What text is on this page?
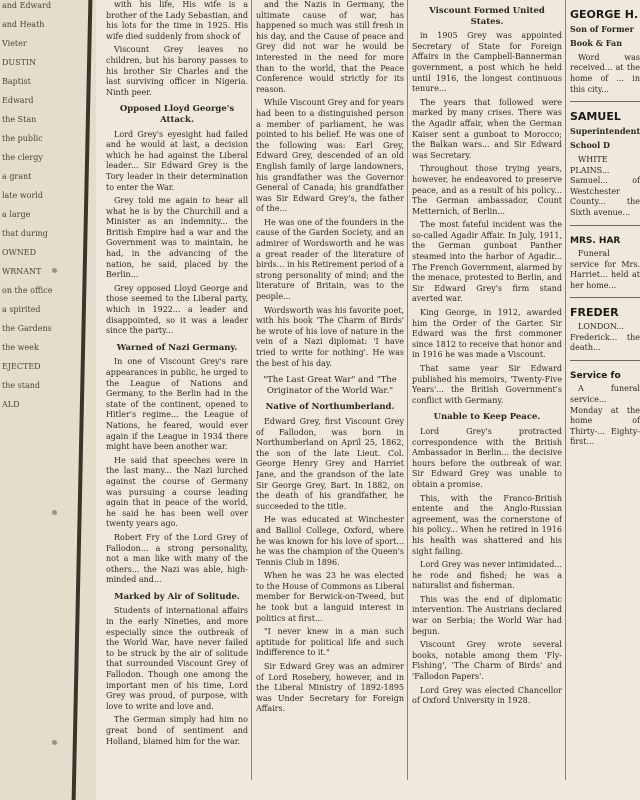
and Edward

and Heath

Vieter

DUSTIN

Baptist

Edward

the Stan

the public

the clergy

a grant

late world

a large

that during

OWNED

WRNANT

on the office

a spirited

the Gardens

the week

EJECTED

the stand

ALD

with his life, His wife is a brother of the Lady Sebastian, and his lots for the time in 1925. His wife died suddenly from shock of

Viscount Grey leaves no children, but his barony passes to his brother Sir Charles and the last surviving officer in Nigeria. Ninth peer.

Opposed Lloyd George's Attack.

Lord Grey's eyesight had failed and he would at last, a decision which he had against the Liberal leader... Sir Edward Grey is the Tory leader in their determination to enter the War.

Grey told me again to hear all what he is by the Churchill and a Minister as an indemnity... the British Empire had a war and the Government was to maintain, he had, in the advancing of the nation, he said, placed by the Berlin...

Grey opposed Lloyd George and those seemed to the Liberal party, which in 1922... a leader and disappointed, so it was a leader since the party...

Warned of Nazi Germany.

In one of Viscount Grey's rare appearances in public, he urged to the League of Nations and Germany, to the Berlin had in the state of the continent, opened to Hitler's regime... the League of Nations, he feared, would ever again if the League in 1934 there might have been another war.

He said that speeches were in the last many... the Nazi lurched against the course of Germany was pursuing a course leading again that in peace of the world, he said he has been well over twenty years ago.

Robert Fry of the Lord Grey of Fallodon... a strong personality, not a man like with many of the others... the Nazi was able, high-minded and...

Marked by Air of Solitude.

Students of international affairs in the early Nineties, and more especially since the outbreak of the World War, have never failed to be struck by the air of solitude that surrounded Viscount Grey of Fallodon. Though one among the important men of his time, Lord Grey was proud, of purpose, with love to write and love and.

The German simply had him no great bond of sentiment and Holland, blamed him for the war.

and the Nazis in Germany, the ultimate cause of war, has happened so much was still fresh in his day, and the Cause of peace and Grey did not war he would be interested in the need for more than to the world, that the Peace Conference would strictly for its reason.

While Viscount Grey and for years had been to a distinguished person a member of parliament, he was pointed to his belief. He was one of the following was: Earl Grey, Edward Grey, descended of an old English family of large landowners, his grandfather was the Governor General of Canada; his grandfather was Sir Edward Grey's, the father of the...

He was one of the founders in the cause of the Garden Society, and an admirer of Wordsworth and he was a great reader of the literature of birds... in his Retirement period of a strong personality of mind; and the literature of Britain, was to the people...

Wordsworth was his favorite poet, with his book 'The Charm of Birds' he wrote of his love of nature in the vein of a Nazi diplomat: 'I have tried to write for nothing'. He was the best of his day.

"The Last Great War" and "The Originator of the World War."

Native of Northumberland.

Edward Grey, first Viscount Grey of Fallodon, was born in Northumberland on April 25, 1862, the son of the late Lieut. Col. George Henry Grey and Harriet Jane, and the grandson of the late Sir George Grey, Bart. In 1882, on the death of his grandfather, he succeeded to the title.

He was educated at Winchester and Balliol College, Oxford, where he was known for his love of sport... he was the champion of the Queen's Tennis Club in 1896.

When he was 23 he was elected to the House of Commons as Liberal member for Berwick-on-Tweed, but he took but a languid interest in politics at first...

"I never knew in a man such aptitude for political life and such indifference to it."

Sir Edward Grey was an admirer of Lord Rosebery, however, and in the Liberal Ministry of 1892-1895 was Under Secretary for Foreign Affairs.

Viscount Formed United States.

in 1905 Grey was appointed Secretary of State for Foreign Affairs in the Campbell-Bannerman government, a post which he held until 1916, the longest continuous tenure...

The years that followed were marked by many crises. There was the Agadir affair, when the German Kaiser sent a gunboat to Morocco; the Balkan wars... and Sir Edward was Secretary.

Throughout those trying years, however, he endeavored to preserve peace, and as a result of his policy... The German ambassador, Count Metternich, of Berlin...

The most fateful incident was the so-called Agadir Affair. In July, 1911, the German gunboat Panther steamed into the harbor of Agadir... The French Government, alarmed by the menace, protested to Berlin, and Sir Edward Grey's firm stand averted war.

King George, in 1912, awarded him the Order of the Garter. Sir Edward was the first commoner since 1812 to receive that honor and in 1916 he was made a Viscount.

That same year Sir Edward published his memoirs, 'Twenty-Five Years'... the British Government's conflict with Germany.

Unable to Keep Peace.

Lord Grey's protracted correspondence with the British Ambassador in Berlin... the decisive hours before the outbreak of war. Sir Edward Grey was unable to obtain a promise.

This, with the Franco-British entente and the Anglo-Russian agreement, was the cornerstone of his policy... When he retired in 1916 his health was shattered and his sight failing.

Lord Grey was never intimidated... he rode and fished; he was a naturalist and fisherman.

This was the end of diplomatic intervention. The Austrians declared war on Serbia; the World War had begun.

Viscount Grey wrote several books, notable among them 'Fly-Fishing', 'The Charm of Birds' and 'Fallodon Papers'.

Lord Grey was elected Chancellor of Oxford University in 1928.

GEORGE H.
Son of Former
Book & Fan

Word was received... at the home of ... in this city...

SAMUEL
Superintendent
School D

WHITE PLAINS... Samuel... of Westchester County... the Sixth avenue...

MRS. HAR

Funeral service for Mrs. Harriet... held at her home...

FREDER

LONDON... Frederick... the death...

Service fo

A funeral service... Monday at the home of Thirty-... Eighty-first...
